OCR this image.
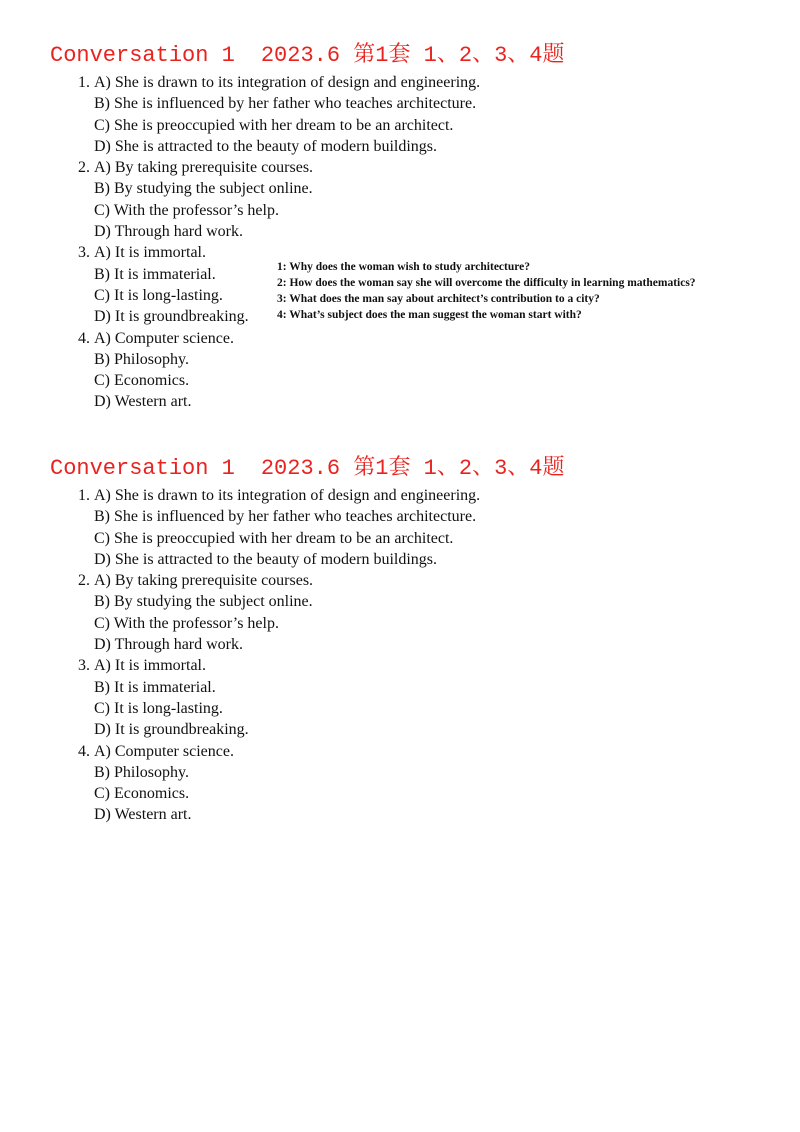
Conversation 1 2023.6 第1套 1、2、3、4题
1. A) She is drawn to its integration of design and engineering.
B) She is influenced by her father who teaches architecture.
C) She is preoccupied with her dream to be an architect.
D) She is attracted to the beauty of modern buildings.
2. A) By taking prerequisite courses.
B) By studying the subject online.
C) With the professor’s help.
D) Through hard work.
3. A) It is immortal.
B) It is immaterial.
C) It is long-lasting.
D) It is groundbreaking.
4. A) Computer science.
B) Philosophy.
C) Economics.
D) Western art.
1: Why does the woman wish to study architecture?
2: How does the woman say she will overcome the difficulty in learning mathematics?
3: What does the man say about architect’s contribution to a city?
4: What’s subject does the man suggest the woman start with?
Conversation 1 2023.6 第1套 1、2、3、4题
1. A) She is drawn to its integration of design and engineering.
B) She is influenced by her father who teaches architecture.
C) She is preoccupied with her dream to be an architect.
D) She is attracted to the beauty of modern buildings.
2. A) By taking prerequisite courses.
B) By studying the subject online.
C) With the professor’s help.
D) Through hard work.
3. A) It is immortal.
B) It is immaterial.
C) It is long-lasting.
D) It is groundbreaking.
4. A) Computer science.
B) Philosophy.
C) Economics.
D) Western art.
